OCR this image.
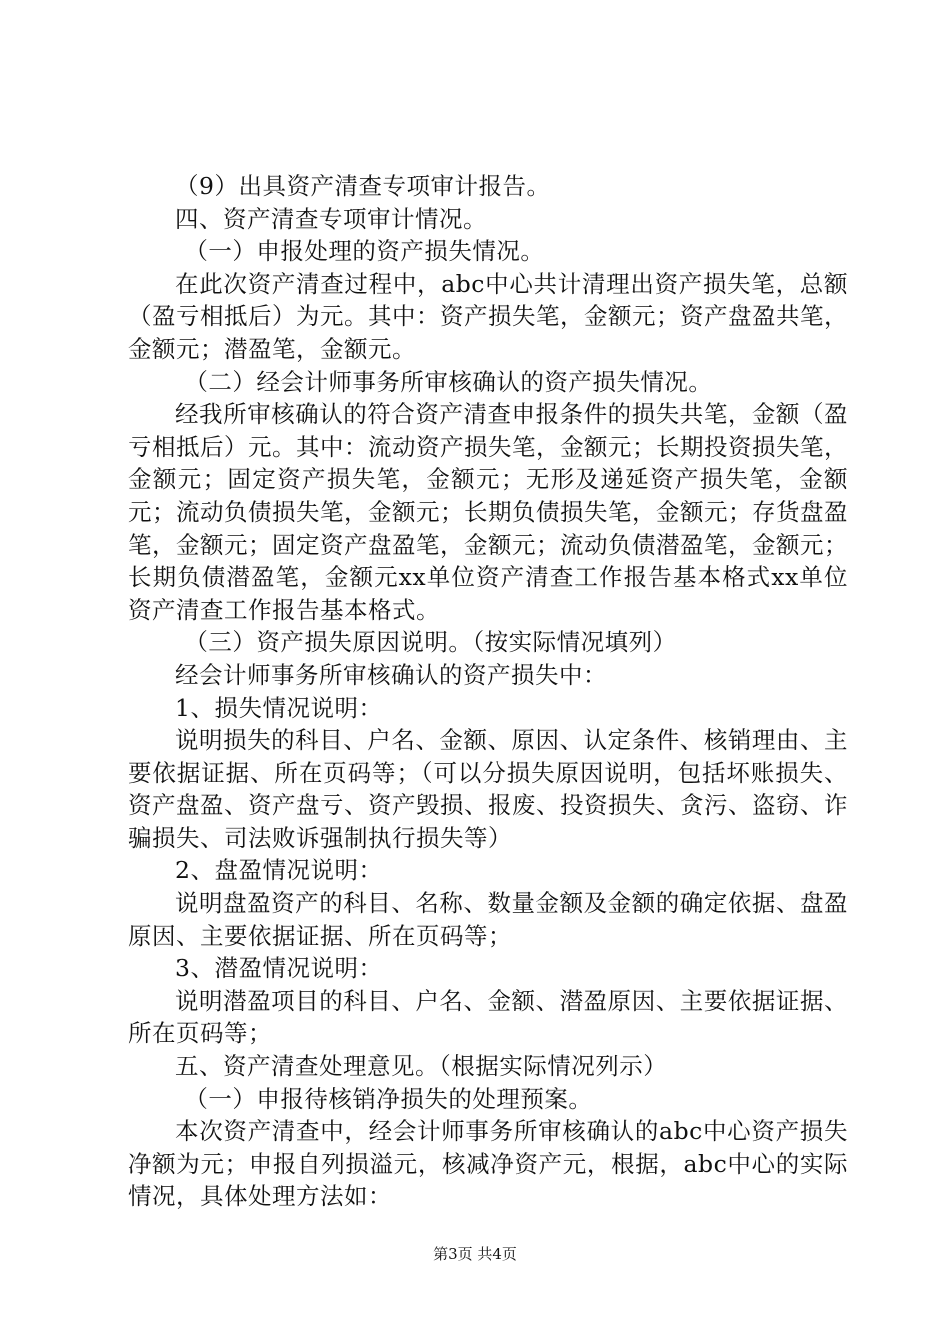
（9）出具资产清查专项审计报告。

四、资产清查专项审计情况。

（一）申报处理的资产损失情况。

在此次资产清查过程中，abc中心共计清理出资产损失笔，总额（盈亏相抵后）为元。其中：资产损失笔，金额元；资产盘盈共笔，金额元；潜盈笔，金额元。

（二）经会计师事务所审核确认的资产损失情况。

经我所审核确认的符合资产清查申报条件的损失共笔，金额（盈亏相抵后）元。其中：流动资产损失笔，金额元；长期投资损失笔，金额元；固定资产损失笔，金额元；无形及递延资产损失笔，金额元；流动负债损失笔，金额元；长期负债损失笔，金额元；存货盘盈笔，金额元；固定资产盘盈笔，金额元；流动负债潜盈笔，金额元；长期负债潜盈笔，金额元xx单位资产清查工作报告基本格式xx单位资产清查工作报告基本格式。

（三）资产损失原因说明。（按实际情况填列）

经会计师事务所审核确认的资产损失中：

1、损失情况说明：

说明损失的科目、户名、金额、原因、认定条件、核销理由、主要依据证据、所在页码等；（可以分损失原因说明，包括坏账损失、资产盘盈、资产盘亏、资产毁损、报废、投资损失、贪污、盗窃、诈骗损失、司法败诉强制执行损失等）

2、盘盈情况说明：

说明盘盈资产的科目、名称、数量金额及金额的确定依据、盘盈原因、主要依据证据、所在页码等；

3、潜盈情况说明：

说明潜盈项目的科目、户名、金额、潜盈原因、主要依据证据、所在页码等；

五、资产清查处理意见。（根据实际情况列示）

（一）申报待核销净损失的处理预案。

本次资产清查中，经会计师事务所审核确认的abc中心资产损失净额为元；申报自列损溢元，核减净资产元，根据，abc中心的实际情况，具体处理方法如：

第3页 共4页
